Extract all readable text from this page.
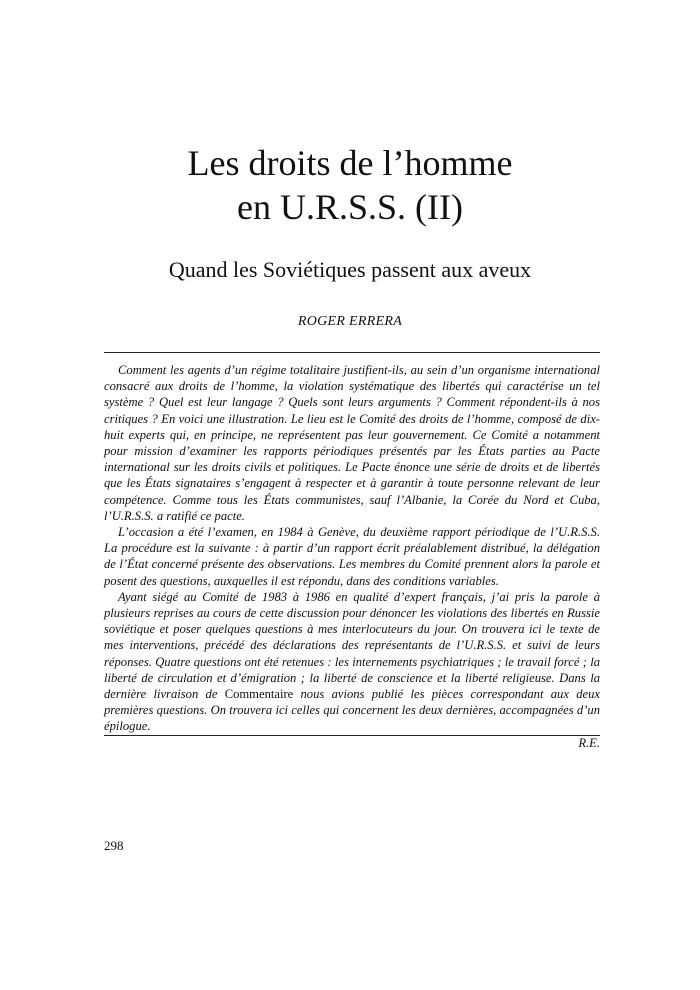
Les droits de l’homme
en U.R.S.S. (II)
Quand les Soviétiques passent aux aveux
ROGER ERRERA

Comment les agents d’un régime totalitaire justifient-ils, au sein d’un organisme international consacré aux droits de l’homme, la violation systématique des libertés qui caractérise un tel système ? Quel est leur langage ? Quels sont leurs arguments ? Comment répondent-ils à nos critiques ? En voici une illustration. Le lieu est le Comité des droits de l’homme, composé de dix-huit experts qui, en principe, ne représentent pas leur gouvernement. Ce Comité a notamment pour mission d’examiner les rapports périodiques présentés par les États parties au Pacte international sur les droits civils et politiques. Le Pacte énonce une série de droits et de libertés que les États signataires s’engagent à respecter et à garantir à toute personne relevant de leur compétence. Comme tous les États communistes, sauf l’Albanie, la Corée du Nord et Cuba, l’U.R.S.S. a ratifié ce pacte.

L’occasion a été l’examen, en 1984 à Genève, du deuxième rapport périodique de l’U.R.S.S. La procédure est la suivante : à partir d’un rapport écrit préalablement distribué, la délégation de l’État concerné présente des observations. Les membres du Comité prennent alors la parole et posent des questions, auxquelles il est répondu, dans des conditions variables.

Ayant siégé au Comité de 1983 à 1986 en qualité d’expert français, j’ai pris la parole à plusieurs reprises au cours de cette discussion pour dénoncer les violations des libertés en Russie soviétique et poser quelques questions à mes interlocuteurs du jour. On trouvera ici le texte de mes interventions, précédé des déclarations des représentants de l’U.R.S.S. et suivi de leurs réponses. Quatre questions ont été retenues : les internements psychiatriques ; le travail forcé ; la liberté de circulation et d’émigration ; la liberté de conscience et la liberté religieuse. Dans la dernière livraison de Commentaire nous avions publié les pièces correspondant aux deux premières questions. On trouvera ici celles qui concernent les deux dernières, accompagnées d’un épilogue.

R.E.

298
